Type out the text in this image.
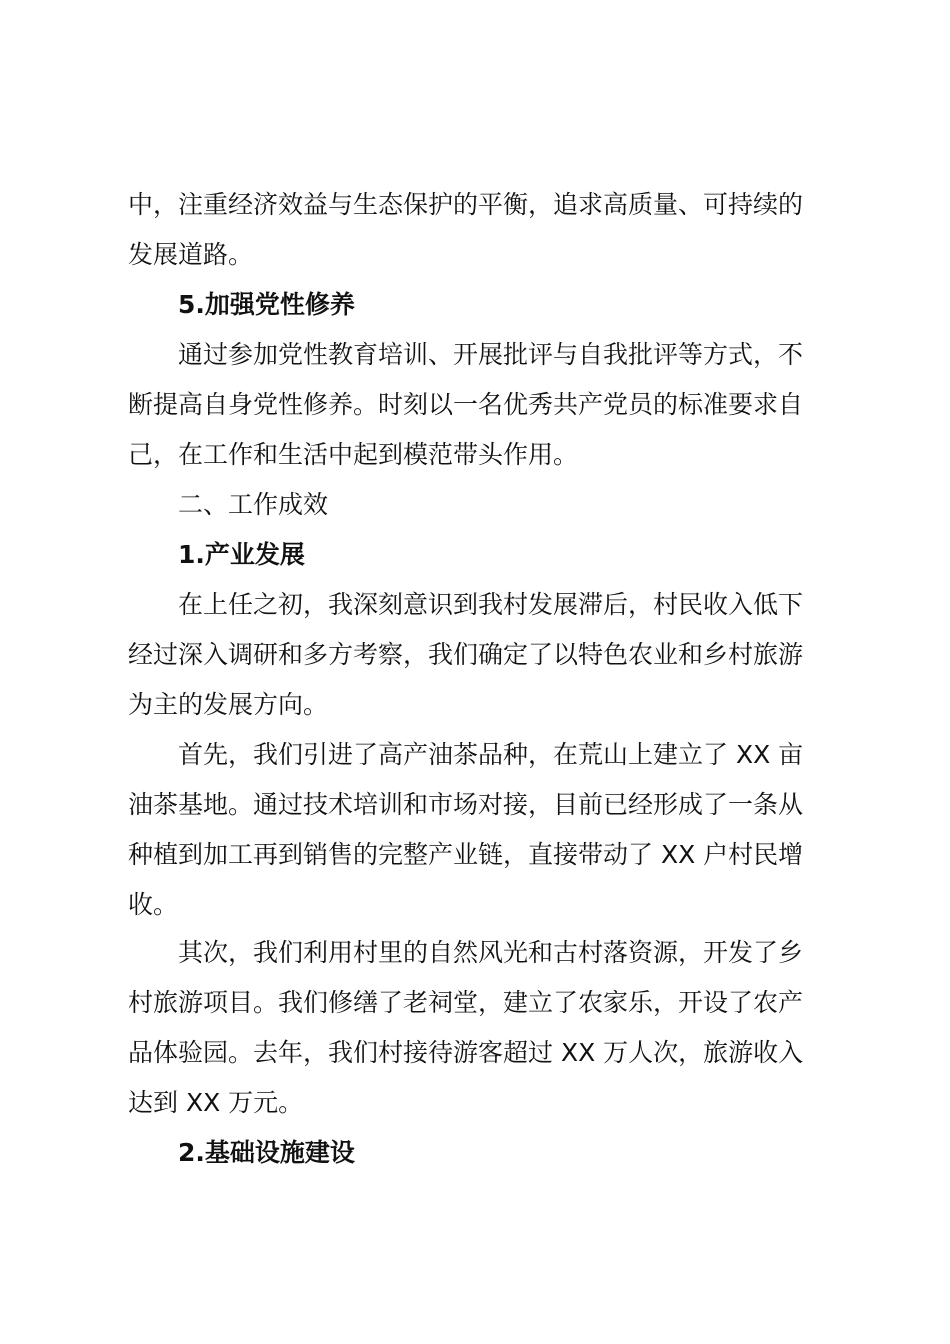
中，注重经济效益与生态保护的平衡，追求高质量、可持续的
发展道路。
5.加强党性修养
通过参加党性教育培训、开展批评与自我批评等方式，不
断提高自身党性修养。时刻以一名优秀共产党员的标准要求自
己，在工作和生活中起到模范带头作用。
二、工作成效
1.产业发展
在上任之初，我深刻意识到我村发展滞后，村民收入低下
经过深入调研和多方考察，我们确定了以特色农业和乡村旅游
为主的发展方向。
首先，我们引进了高产油茶品种，在荒山上建立了 XX 亩
油茶基地。通过技术培训和市场对接，目前已经形成了一条从
种植到加工再到销售的完整产业链，直接带动了 XX 户村民增
收。
其次，我们利用村里的自然风光和古村落资源，开发了乡
村旅游项目。我们修缮了老祠堂，建立了农家乐，开设了农产
品体验园。去年，我们村接待游客超过 XX 万人次，旅游收入
达到 XX 万元。
2.基础设施建设
